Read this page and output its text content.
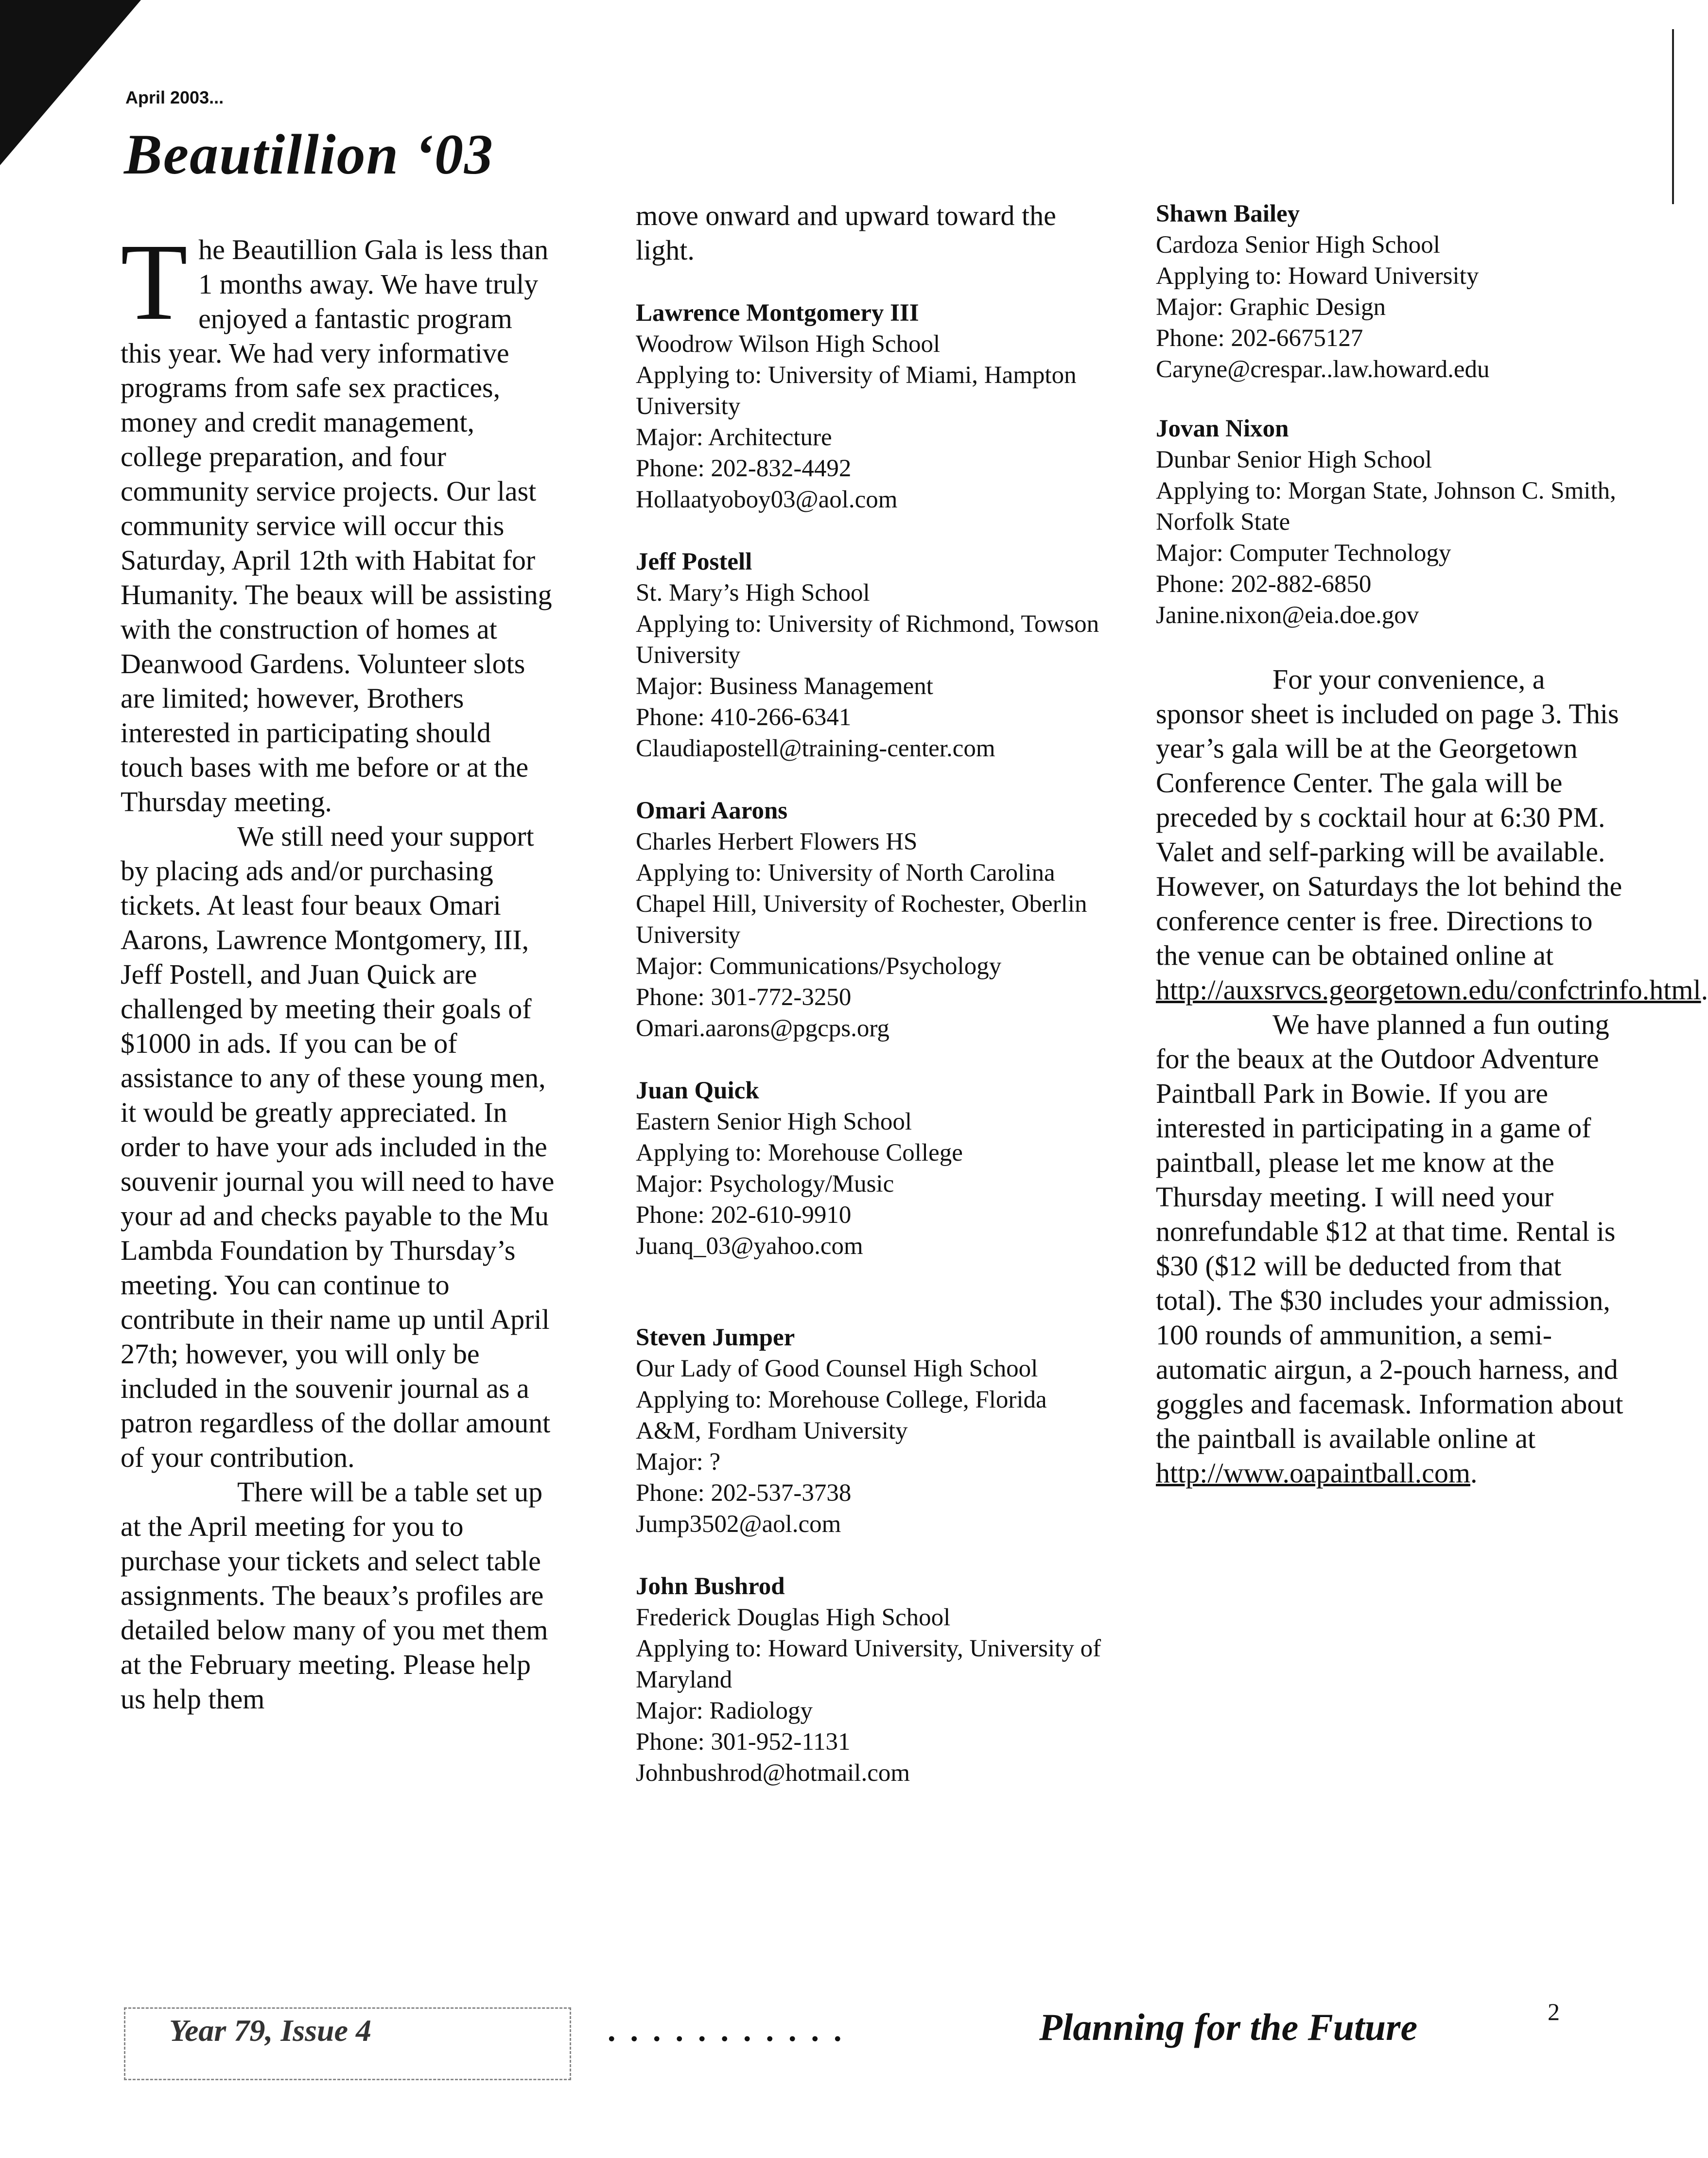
April 2003...
Beautillion ‘03

The Beautillion Gala is less than 1 months away. We have truly enjoyed a fantastic program this year. We had very informative programs from safe sex practices, money and credit management, college preparation, and four community service projects. Our last community service will occur this Saturday, April 12th with Habitat for Humanity. The beaux will be assisting with the construction of homes at Deanwood Gardens. Volunteer slots are limited; however, Brothers interested in participating should touch bases with me before or at the Thursday meeting.

We still need your support by placing ads and/or purchasing tickets. At least four beaux Omari Aarons, Lawrence Montgomery, III, Jeff Postell, and Juan Quick are challenged by meeting their goals of $1000 in ads. If you can be of assistance to any of these young men, it would be greatly appreciated. In order to have your ads included in the souvenir journal you will need to have your ad and checks payable to the Mu Lambda Foundation by Thursday’s meeting. You can continue to contribute in their name up until April 27th; however, you will only be included in the souvenir journal as a patron regardless of the dollar amount of your contribution.

There will be a table set up at the April meeting for you to purchase your tickets and select table assignments. The beaux’s profiles are detailed below many of you met them at the February meeting. Please help us help them

move onward and upward toward the light.

Lawrence Montgomery III
Woodrow Wilson High School
Applying to: University of Miami, Hampton University
Major: Architecture
Phone: 202-832-4492
Hollaatyoboy03@aol.com
Jeff Postell
St. Mary’s High School
Applying to: University of Richmond, Towson University
Major: Business Management
Phone: 410-266-6341
Claudiapostell@training-center.com
Omari Aarons
Charles Herbert Flowers HS
Applying to: University of North Carolina Chapel Hill, University of Rochester, Oberlin University
Major: Communications/Psychology
Phone: 301-772-3250
Omari.aarons@pgcps.org
Juan Quick
Eastern Senior High School
Applying to: Morehouse College
Major: Psychology/Music
Phone: 202-610-9910
Juanq_03@yahoo.com
Steven Jumper
Our Lady of Good Counsel High School
Applying to: Morehouse College, Florida A&M, Fordham University
Major: ?
Phone: 202-537-3738
Jump3502@aol.com
John Bushrod
Frederick Douglas High School
Applying to: Howard University, University of Maryland
Major: Radiology
Phone: 301-952-1131
Johnbushrod@hotmail.com
Shawn Bailey
Cardoza Senior High School
Applying to: Howard University
Major: Graphic Design
Phone: 202-6675127
Caryne@crespar..law.howard.edu
Jovan Nixon
Dunbar Senior High School
Applying to: Morgan State, Johnson C. Smith, Norfolk State
Major: Computer Technology
Phone: 202-882-6850
Janine.nixon@eia.doe.gov

For your convenience, a sponsor sheet is included on page 3. This year’s gala will be at the Georgetown Conference Center. The gala will be preceded by s cocktail hour at 6:30 PM. Valet and self-parking will be available. However, on Saturdays the lot behind the conference center is free. Directions to the venue can be obtained online at http://auxsrvcs.georgetown.edu/confctrinfo.html.

We have planned a fun outing for the beaux at the Outdoor Adventure Paintball Park in Bowie. If you are interested in participating in a game of paintball, please let me know at the Thursday meeting. I will need your nonrefundable $12 at that time. Rental is $30 ($12 will be deducted from that total). The $30 includes your admission, 100 rounds of ammunition, a semi-automatic airgun, a 2-pouch harness, and goggles and facemask. Information about the paintball is available online at http://www.oapaintball.com.

Year 79, Issue 4	...........	Planning for the Future	2
